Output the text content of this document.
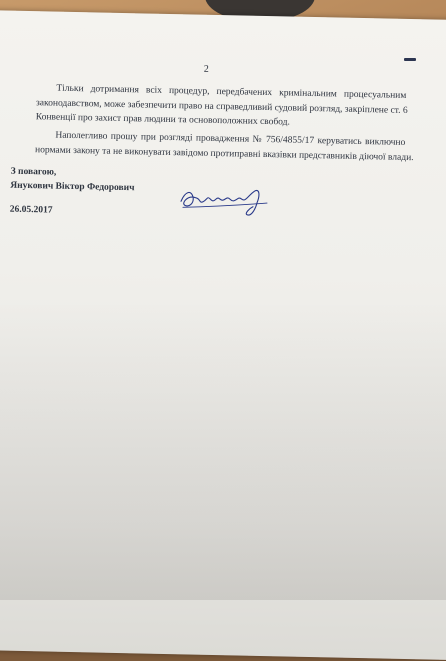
2
Тільки дотримання всіх процедур, передбачених кримінальним процесуальним
законодавством, може забезпечити право на справедливий судовий розгляд, закріплене ст. 6
Конвенції про захист прав людини та основоположних свобод.
Наполегливо прошу при розгляді провадження № 756/4855/17 керуватись виключно
нормами закону та не виконувати завідомо протиправні вказівки представників діючої влади.
З повагою,
Янукович Віктор Федорович
26.05.2017
